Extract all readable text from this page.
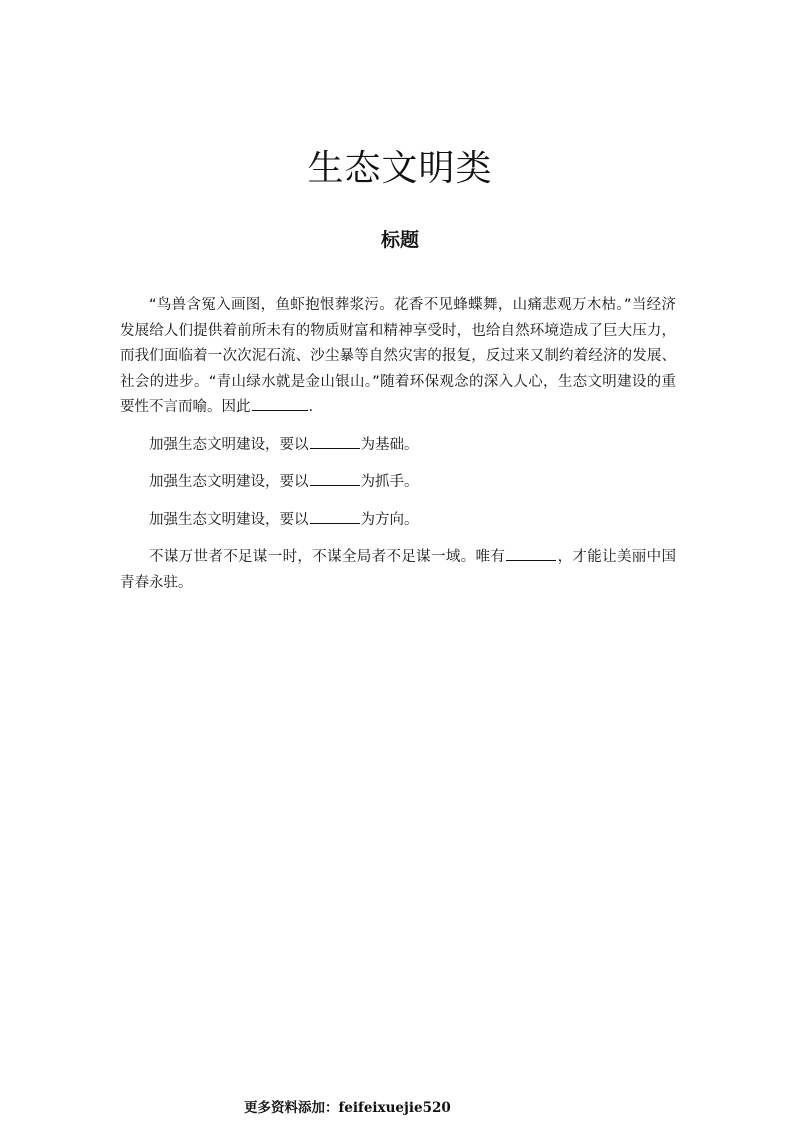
生态文明类
标题

“鸟兽含冤入画图，鱼虾抱恨葬浆污。花香不见蜂蝶舞，山痛悲观万木枯。”当经济发展给人们提供着前所未有的物质财富和精神享受时，也给自然环境造成了巨大压力，而我们面临着一次次泥石流、沙尘暴等自然灾害的报复，反过来又制约着经济的发展、社会的进步。“青山绿水就是金山银山。”随着环保观念的深入人心，生态文明建设的重要性不言而喻。因此	.

加强生态文明建设，要以	为基础。

加强生态文明建设，要以	为抓手。

加强生态文明建设，要以	为方向。

不谋万世者不足谋一时，不谋全局者不足谋一域。唯有	，才能让美丽中国青春永驻。

更多资料添加：feifeixuejie520
